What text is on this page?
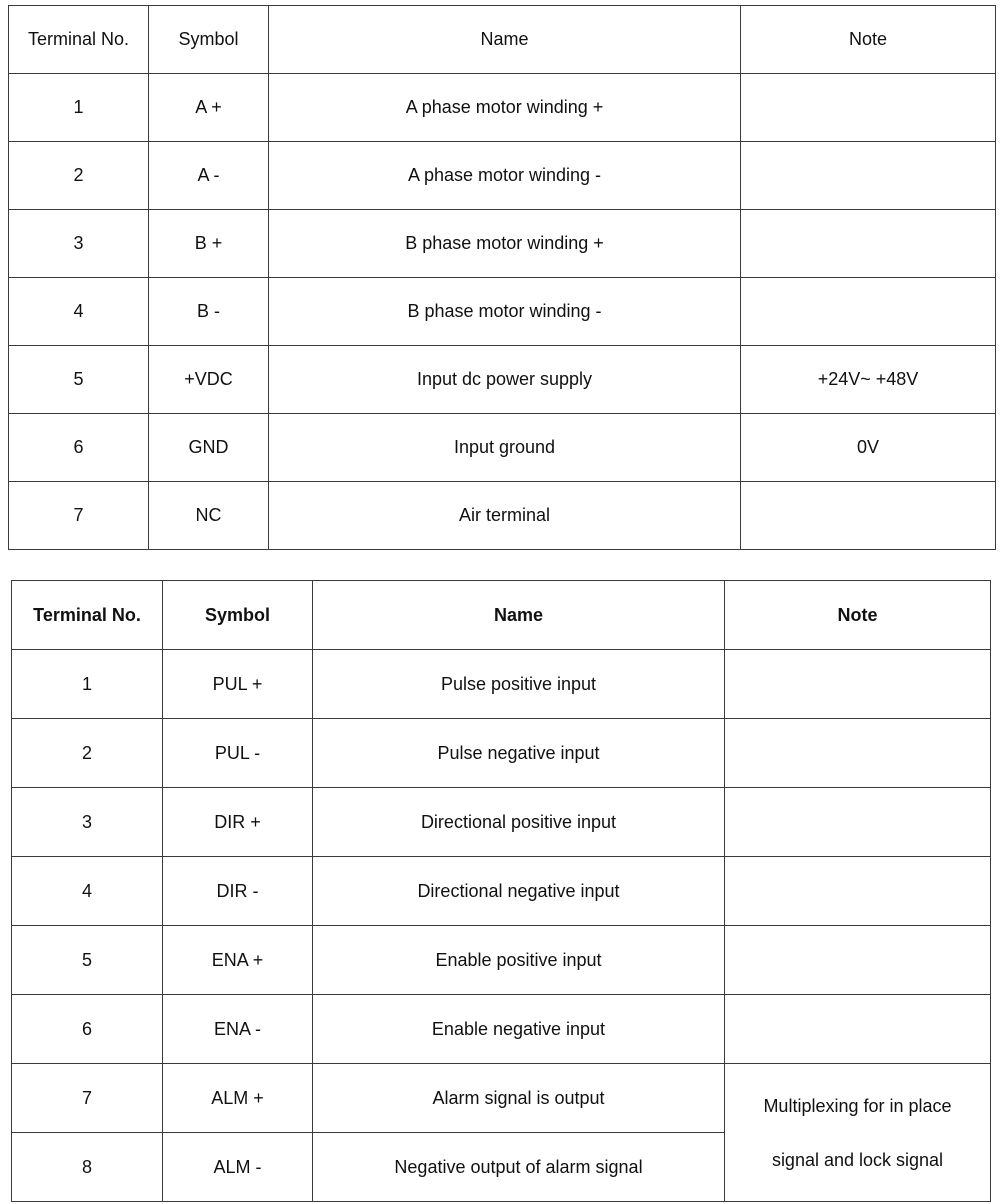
Terminal No.	Symbol	Name	Note
1	A +	A phase motor winding +	
2	A -	A phase motor winding -	
3	B +	B phase motor winding +	
4	B -	B phase motor winding -	
5	+VDC	Input dc power supply	+24V~ +48V
6	GND	Input ground	0V
7	NC	Air terminal	
Terminal No.	Symbol	Name	Note
1	PUL +	Pulse positive input	
2	PUL -	Pulse negative input	
3	DIR +	Directional positive input	
4	DIR -	Directional negative input	
5	ENA +	Enable positive input	
6	ENA -	Enable negative input	
7	ALM +	Alarm signal is output	Multiplexing for in place
signal and lock signal

8	ALM -	Negative output of alarm signal	
